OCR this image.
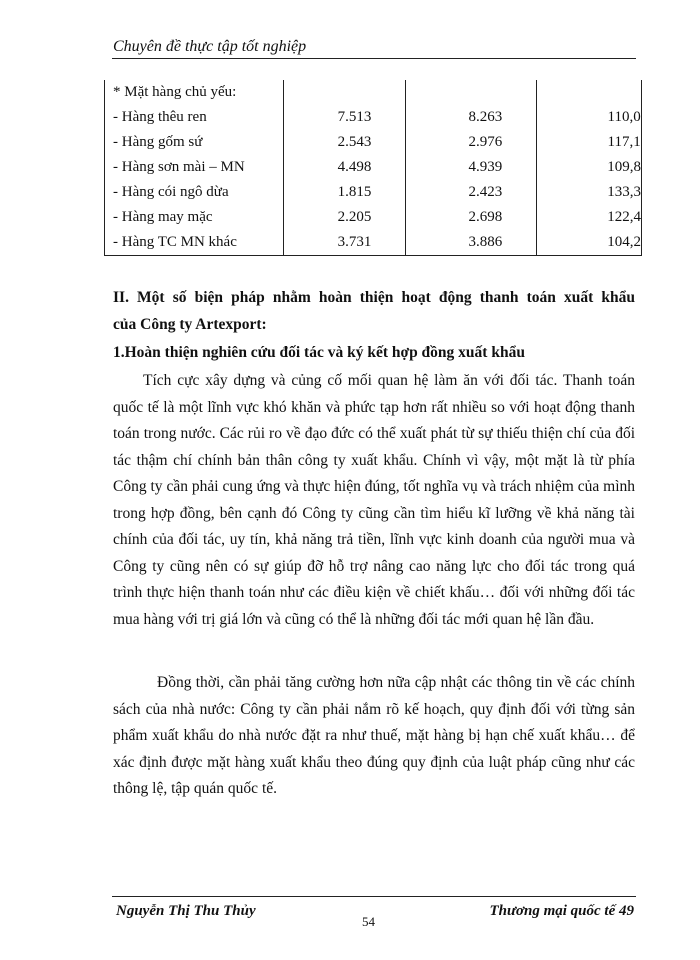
Chuyên đề thực tập tốt nghiệp
* Mặt hàng chủ yếu:			
- Hàng thêu ren	7.513	8.263	110,0
- Hàng gốm sứ	2.543	2.976	117,1
- Hàng sơn mài – MN	4.498	4.939	109,8
- Hàng cói ngô dừa	1.815	2.423	133,3
- Hàng may mặc	2.205	2.698	122,4
- Hàng TC MN khác	3.731	3.886	104,2
II. Một số biện pháp nhằm hoàn thiện hoạt động thanh toán xuất khẩu
của Công ty Artexport:
1.Hoàn thiện nghiên cứu đối tác và ký kết hợp đồng xuất khẩu
Tích cực xây dựng và củng cố mối quan hệ làm ăn với đối tác. Thanh toán quốc tế là một lĩnh vực khó khăn và phức tạp hơn rất nhiều so với hoạt động thanh toán trong nước. Các rủi ro về đạo đức có thể xuất phát từ sự thiếu thiện chí của đối tác thậm chí chính bản thân công ty xuất khẩu. Chính vì vậy, một mặt là từ phía Công ty cần phải cung ứng và thực hiện đúng, tốt nghĩa vụ và trách nhiệm của mình trong hợp đồng, bên cạnh đó Công ty cũng cần tìm hiểu kĩ lưỡng về khả năng tài chính của đối tác, uy tín, khả năng trả tiền, lĩnh vực kinh doanh của người mua và Công ty cũng nên có sự giúp đỡ hỗ trợ nâng cao năng lực cho đối tác trong quá trình thực hiện thanh toán như các điều kiện về chiết khấu… đối với những đối tác mua hàng với trị giá lớn và cũng có thể là những đối tác mới quan hệ lần đầu.
Đồng thời, cần phải tăng cường hơn nữa cập nhật các thông tin về các chính sách của nhà nước: Công ty cần phải nắm rõ kế hoạch, quy định đối với từng sản phẩm xuất khẩu do nhà nước đặt ra như thuế, mặt hàng bị hạn chế xuất khẩu… để xác định được mặt hàng xuất khẩu theo đúng quy định của luật pháp cũng như các thông lệ, tập quán quốc tế.
Nguyễn Thị Thu Thủy
54
Thương mại quốc tế 49
